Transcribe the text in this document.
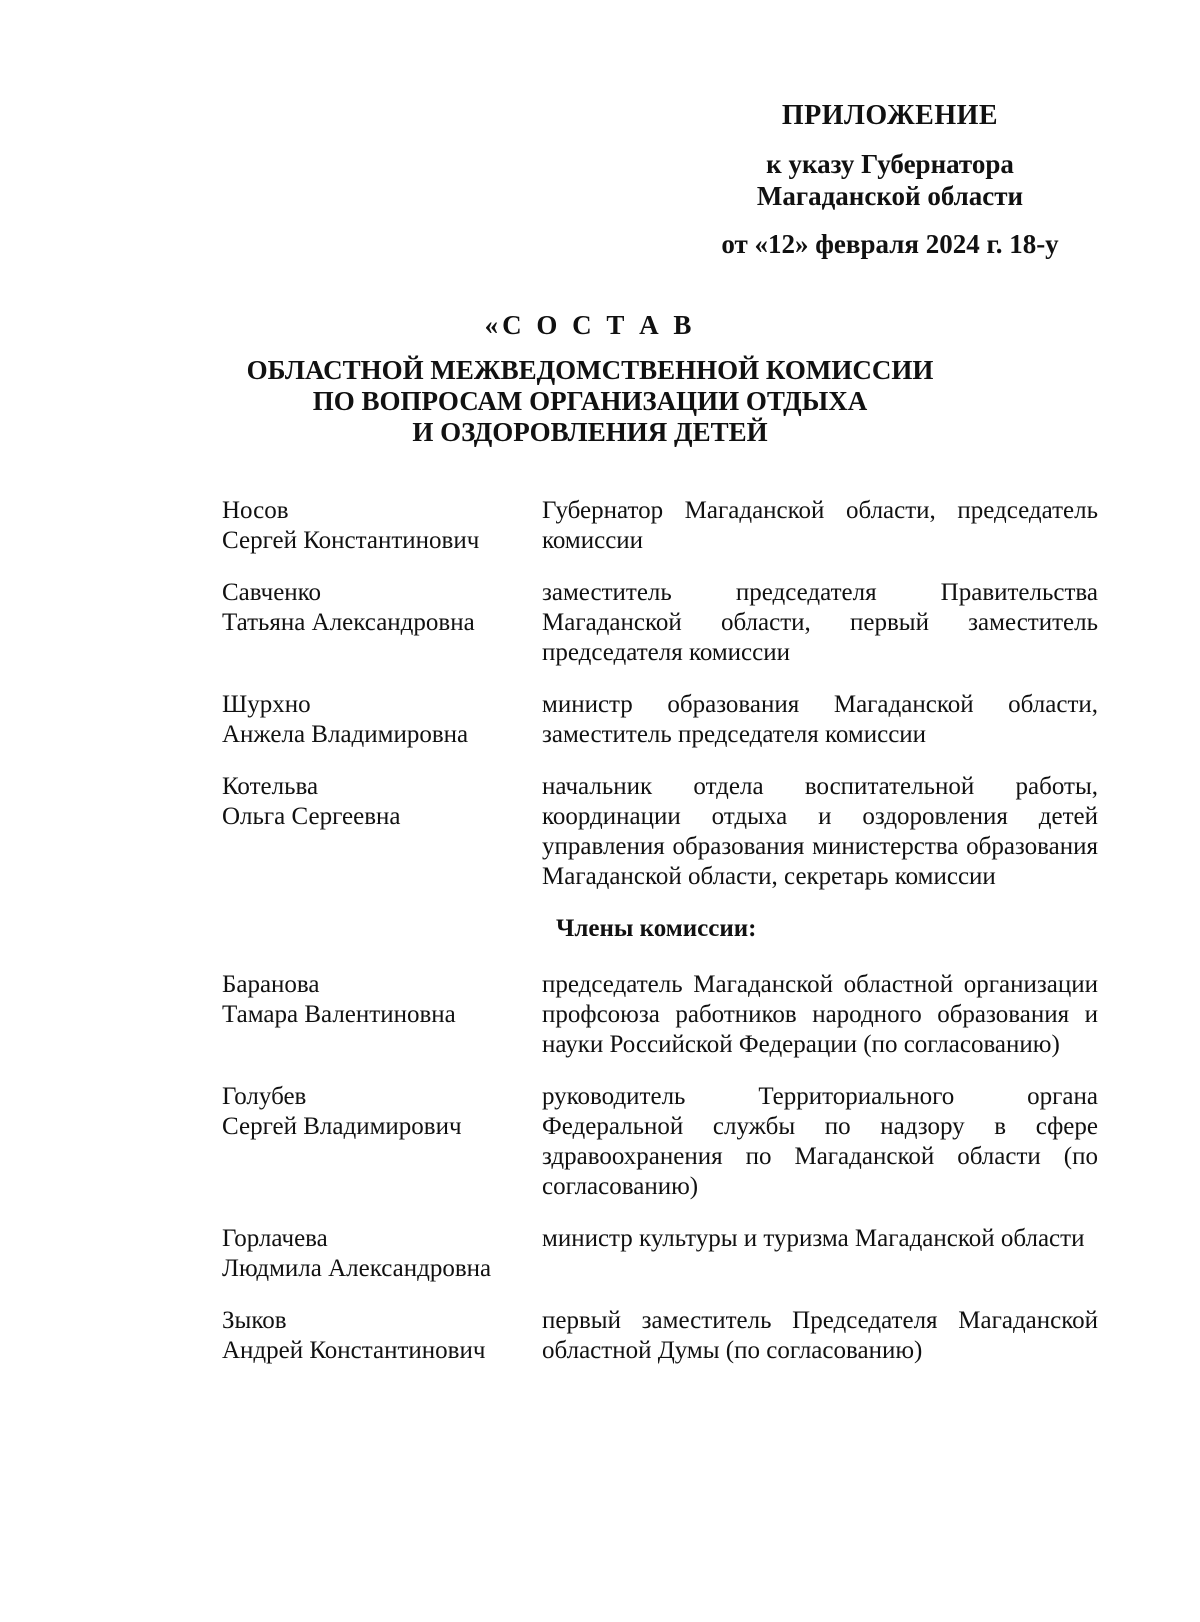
ПРИЛОЖЕНИЕ
к указу Губернатора
Магаданской области
от «12» февраля 2024 г. 18-у
«С О С Т А В
ОБЛАСТНОЙ МЕЖВЕДОМСТВЕННОЙ КОМИССИИ
ПО ВОПРОСАМ ОРГАНИЗАЦИИ ОТДЫХА
И ОЗДОРОВЛЕНИЯ ДЕТЕЙ
Носов
Сергей Константинович
Губернатор Магаданской области, председатель комиссии
Савченко
Татьяна Александровна
заместитель председателя Правительства Магаданской области, первый заместитель председателя комиссии
Шурхно
Анжела Владимировна
министр образования Магаданской области, заместитель председателя комиссии
Котельва
Ольга Сергеевна
начальник отдела воспитательной работы, координации отдыха и оздоровления детей управления образования министерства образования Магаданской области, секретарь комиссии
Члены комиссии:
Баранова
Тамара Валентиновна
председатель Магаданской областной организации профсоюза работников народного образования и науки Российской Федерации (по согласованию)
Голубев
Сергей Владимирович
руководитель Территориального органа Федеральной службы по надзору в сфере здравоохранения по Магаданской области (по согласованию)
Горлачева
Людмила Александровна
министр культуры и туризма Магаданской области
Зыков
Андрей Константинович
первый заместитель Председателя Магаданской областной Думы (по согласованию)
